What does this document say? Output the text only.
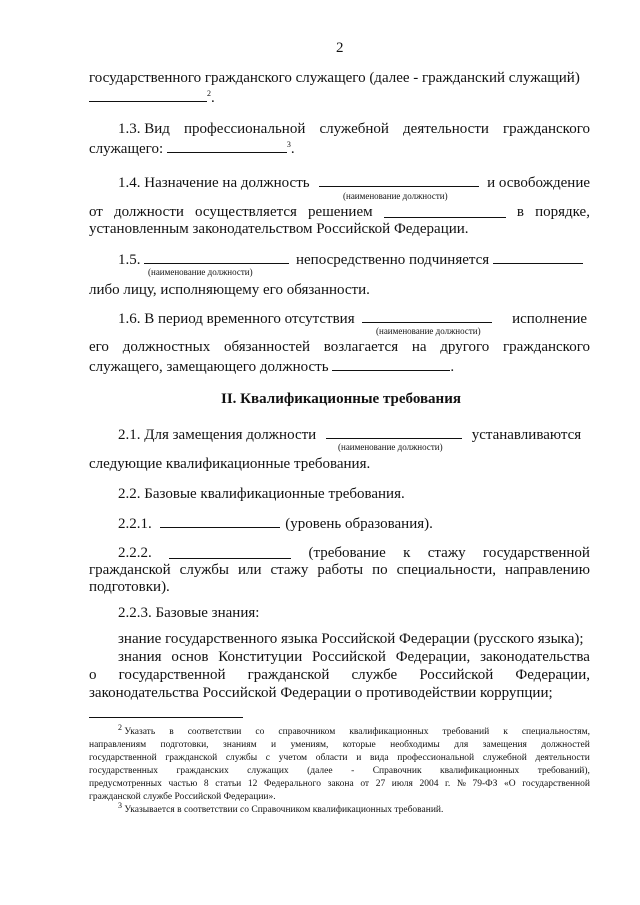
2
государственного гражданского служащего (далее - гражданский служащий)
$^2$.
1.3. Вид профессиональной служебной деятельности гражданского
служащего:	$^3$.
1.4. Назначение на должность	и освобождение
(наименование должности)
от должности осуществляется решением	в порядке,
установленным законодательством Российской Федерации.
1.5.	непосредственно подчиняется
(наименование должности)
либо лицу, исполняющему его обязанности.
1.6. В период временного отсутствия	исполнение
(наименование должности)
его должностных обязанностей возлагается на другого гражданского
служащего, замещающего должность	.
II. Квалификационные требования
2.1. Для замещения должности	устанавливаются
(наименование должности)
следующие квалификационные требования.
2.2. Базовые квалификационные требования.
2.2.1.	(уровень образования).
2.2.2.	(требование к стажу государственной
гражданской службы или стажу работы по специальности, направлению
подготовки).
2.2.3. Базовые знания:
знание государственного языка Российской Федерации (русского языка);
знания основ Конституции Российской Федерации, законодательства
о государственной гражданской службе Российской Федерации,
законодательства Российской Федерации о противодействии коррупции;
$^2$ Указать в соответствии со справочником квалификационных требований к специальностям,
направлениям подготовки, знаниям и умениям, которые необходимы для замещения должностей
государственной гражданской службы с учетом области и вида профессиональной служебной деятельности
государственных гражданских служащих (далее - Справочник квалификационных требований),
предусмотренных частью 8 статьи 12 Федерального закона от 27 июля 2004 г. № 79-ФЗ «О государственной
гражданской службе Российской Федерации».
$^3$ Указывается в соответствии со Справочником квалификационных требований.
